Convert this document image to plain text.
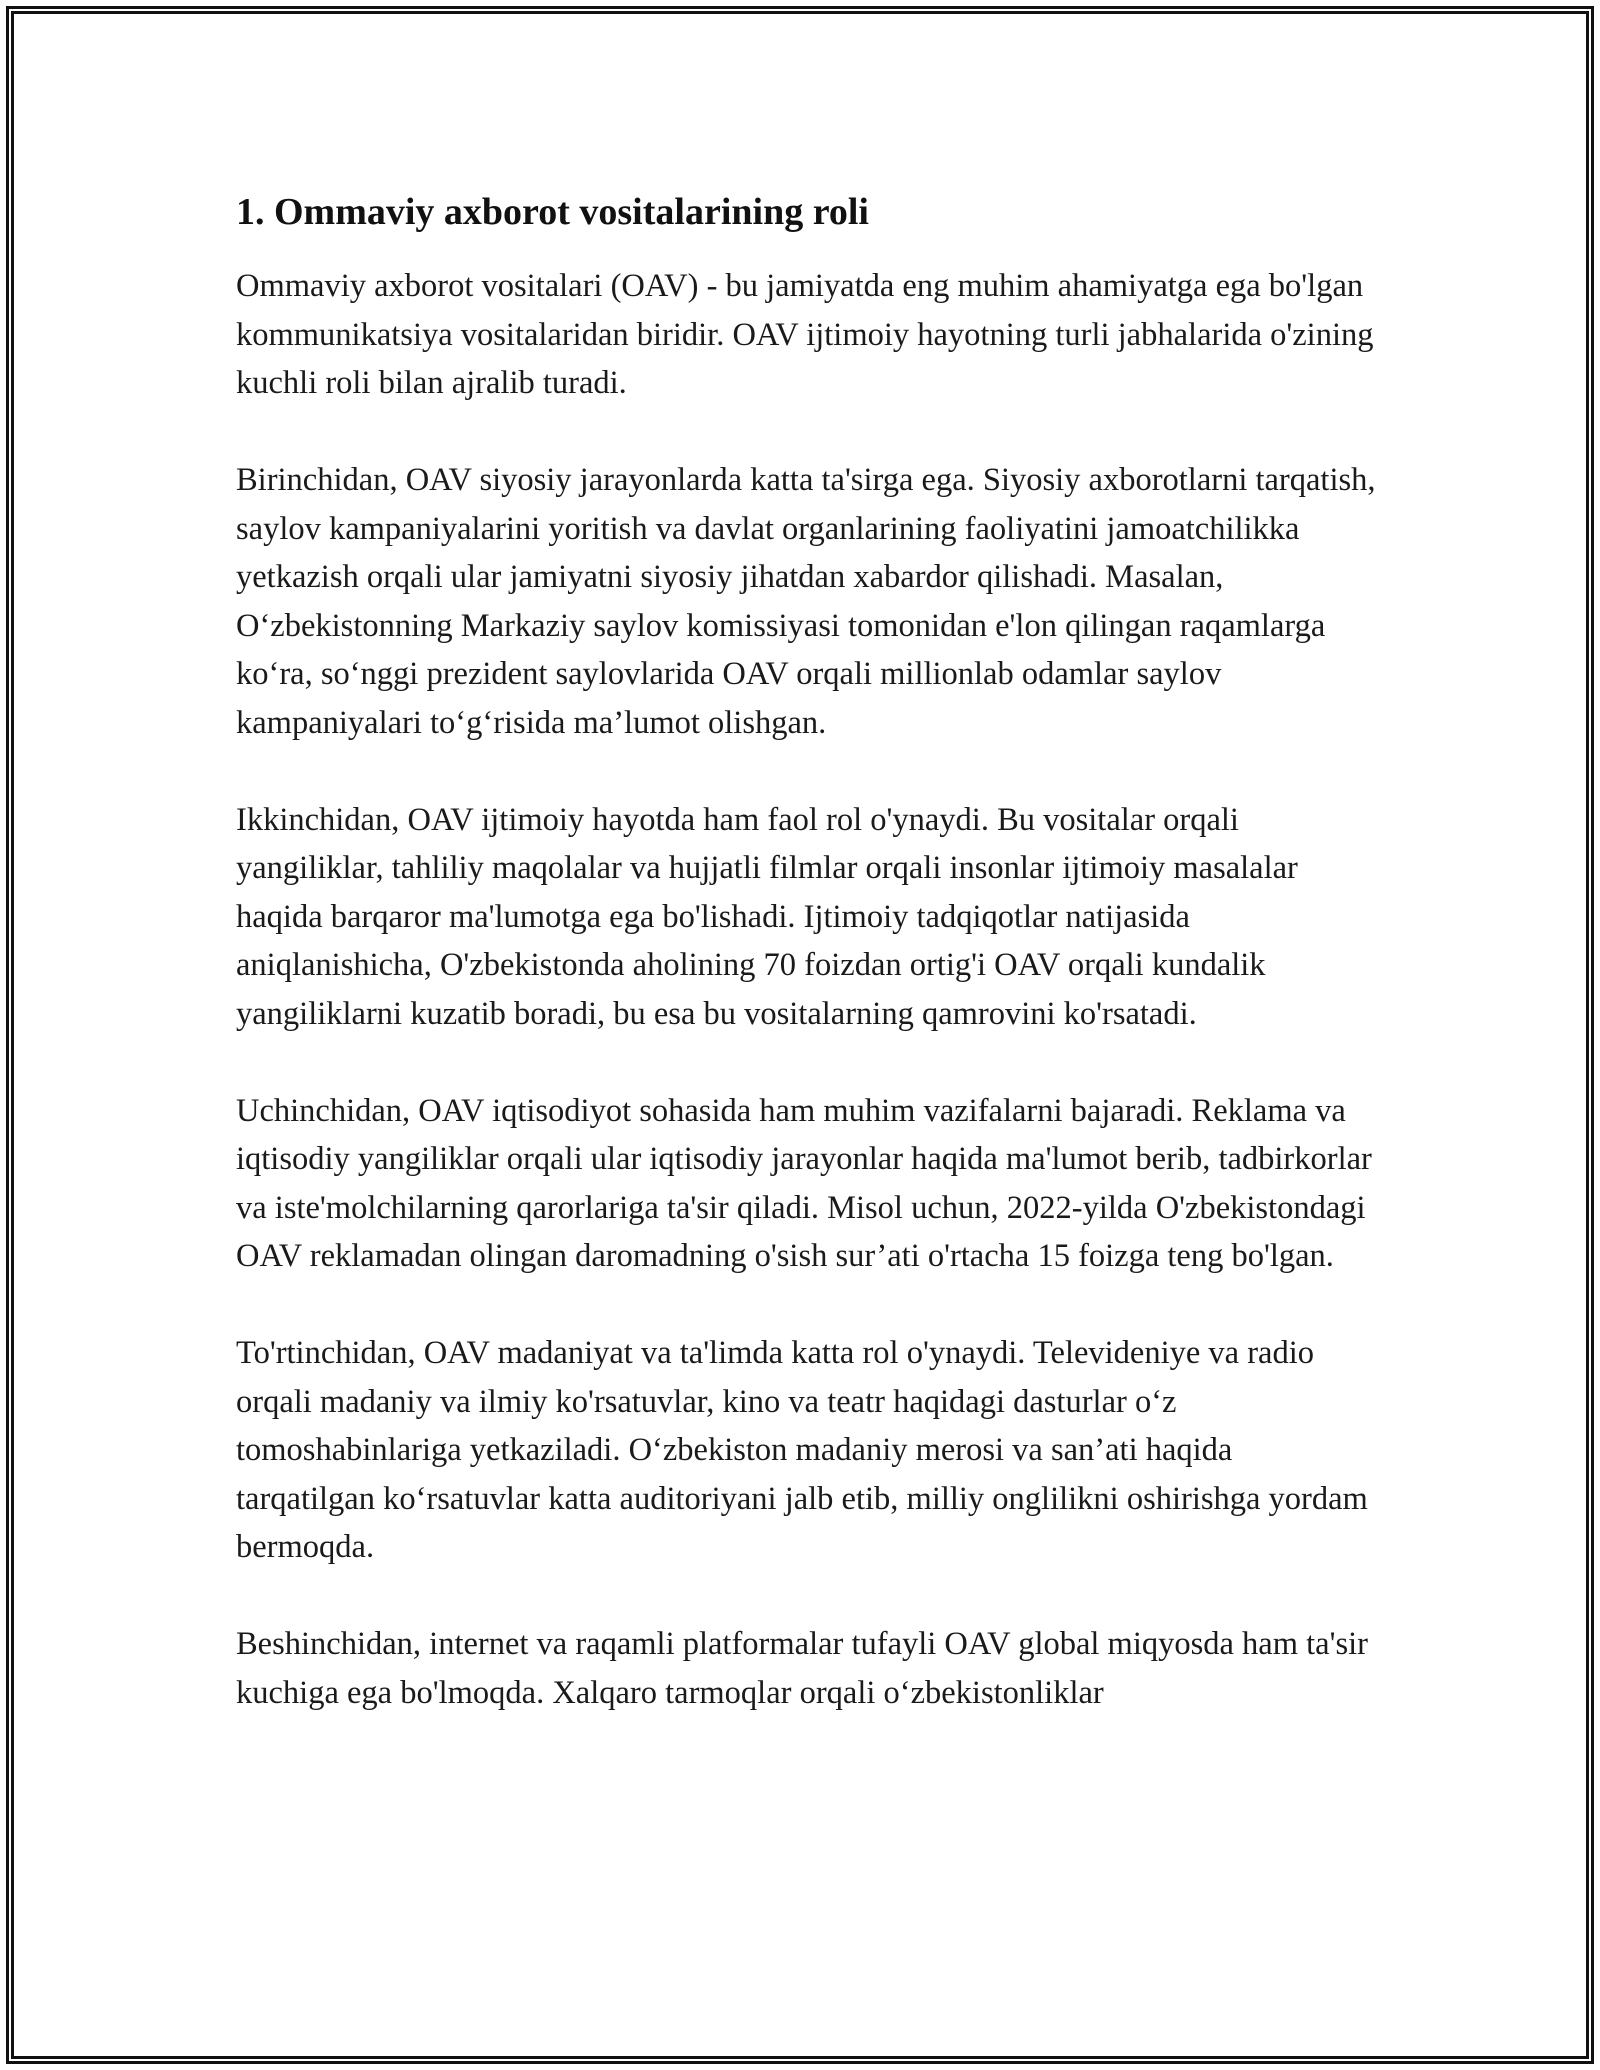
1. Ommaviy axborot vositalarining roli

Ommaviy axborot vositalari (OAV) - bu jamiyatda eng muhim ahamiyatga ega bo'lgan kommunikatsiya vositalaridan biridir. OAV ijtimoiy hayotning turli jabhalarida o'zining kuchli roli bilan ajralib turadi.

Birinchidan, OAV siyosiy jarayonlarda katta ta'sirga ega. Siyosiy axborotlarni tarqatish, saylov kampaniyalarini yoritish va davlat organlarining faoliyatini jamoatchilikka yetkazish orqali ular jamiyatni siyosiy jihatdan xabardor qilishadi. Masalan, O‘zbekistonning Markaziy saylov komissiyasi tomonidan e'lon qilingan raqamlarga ko‘ra, so‘nggi prezident saylovlarida OAV orqali millionlab odamlar saylov kampaniyalari to‘g‘risida ma’lumot olishgan.

Ikkinchidan, OAV ijtimoiy hayotda ham faol rol o'ynaydi. Bu vositalar orqali yangiliklar, tahliliy maqolalar va hujjatli filmlar orqali insonlar ijtimoiy masalalar haqida barqaror ma'lumotga ega bo'lishadi. Ijtimoiy tadqiqotlar natijasida aniqlanishicha, O'zbekistonda aholining 70 foizdan ortig'i OAV orqali kundalik yangiliklarni kuzatib boradi, bu esa bu vositalarning qamrovini ko'rsatadi.

Uchinchidan, OAV iqtisodiyot sohasida ham muhim vazifalarni bajaradi. Reklama va iqtisodiy yangiliklar orqali ular iqtisodiy jarayonlar haqida ma'lumot berib, tadbirkorlar va iste'molchilarning qarorlariga ta'sir qiladi. Misol uchun, 2022-yilda O'zbekistondagi OAV reklamadan olingan daromadning o'sish sur’ati o'rtacha 15 foizga teng bo'lgan.

To'rtinchidan, OAV madaniyat va ta'limda katta rol o'ynaydi. Televideniye va radio orqali madaniy va ilmiy ko'rsatuvlar, kino va teatr haqidagi dasturlar o‘z tomoshabinlariga yetkaziladi. O‘zbekiston madaniy merosi va san’ati haqida tarqatilgan ko‘rsatuvlar katta auditoriyani jalb etib, milliy onglilikni oshirishga yordam bermoqda.

Beshinchidan, internet va raqamli platformalar tufayli OAV global miqyosda ham ta'sir kuchiga ega bo'lmoqda. Xalqaro tarmoqlar orqali o‘zbekistonliklar
